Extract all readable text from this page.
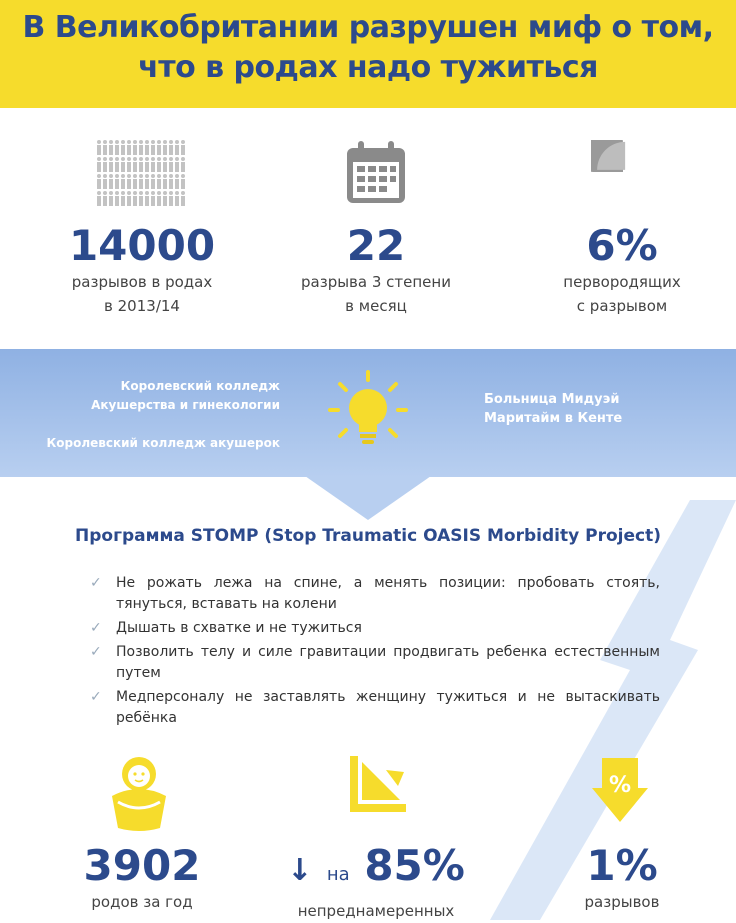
В Великобритании разрушен миф о том,
что в родах надо тужиться
14000
разрывов в родах
в 2013/14
22
разрыва 3 степени
в месяц
6%
первородящих
с разрывом
Королевский колледж
Акушерства и гинекологии
Королевский колледж акушерок
Больница Мидуэй
Маритайм в Кенте
Надежда Чумалина
Программа STOMP (Stop Traumatic OASIS Morbidity Project)
✓ Не рожать лежа на спине, а менять позиции: пробовать стоять, тянуться, вставать на колени
✓ Дышать в схватке и не тужиться
✓ Позволить телу и силе гравитации продвигать ребенка естественным путем
✓ Медперсоналу не заставлять женщину тужиться и не вытаскивать ребёнка
%
3902
родов за год
↓ на 85%
непреднамеренных
1%
разрывов
